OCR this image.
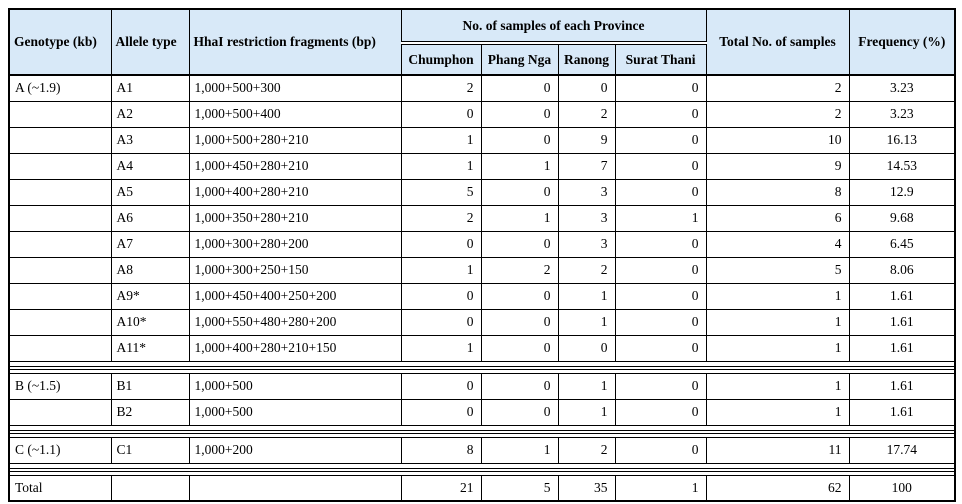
Genotype (kb)	Allele type	HhaI restriction fragments (bp)	No. of samples of each Province				Total No. of samples	Frequency (%)
			Chumphon	Phang Nga	Ranong	Surat Thani		
A (~1.9)	A1	1,000+500+300	2	0	0	0	2	3.23
	A2	1,000+500+400	0	0	2	0	2	3.23
	A3	1,000+500+280+210	1	0	9	0	10	16.13
	A4	1,000+450+280+210	1	1	7	0	9	14.53
	A5	1,000+400+280+210	5	0	3	0	8	12.9
	A6	1,000+350+280+210	2	1	3	1	6	9.68
	A7	1,000+300+280+200	0	0	3	0	4	6.45
	A8	1,000+300+250+150	1	2	2	0	5	8.06
	A9*	1,000+450+400+250+200	0	0	1	0	1	1.61
	A10*	1,000+550+480+280+200	0	0	1	0	1	1.61
	A11*	1,000+400+280+210+150	1	0	0	0	1	1.61

B (~1.5)	B1	1,000+500	0	0	1	0	1	1.61
	B2	1,000+500	0	0	1	0	1	1.61

C (~1.1)	C1	1,000+200	8	1	2	0	11	17.74

Total			21	5	35	1	62	100
